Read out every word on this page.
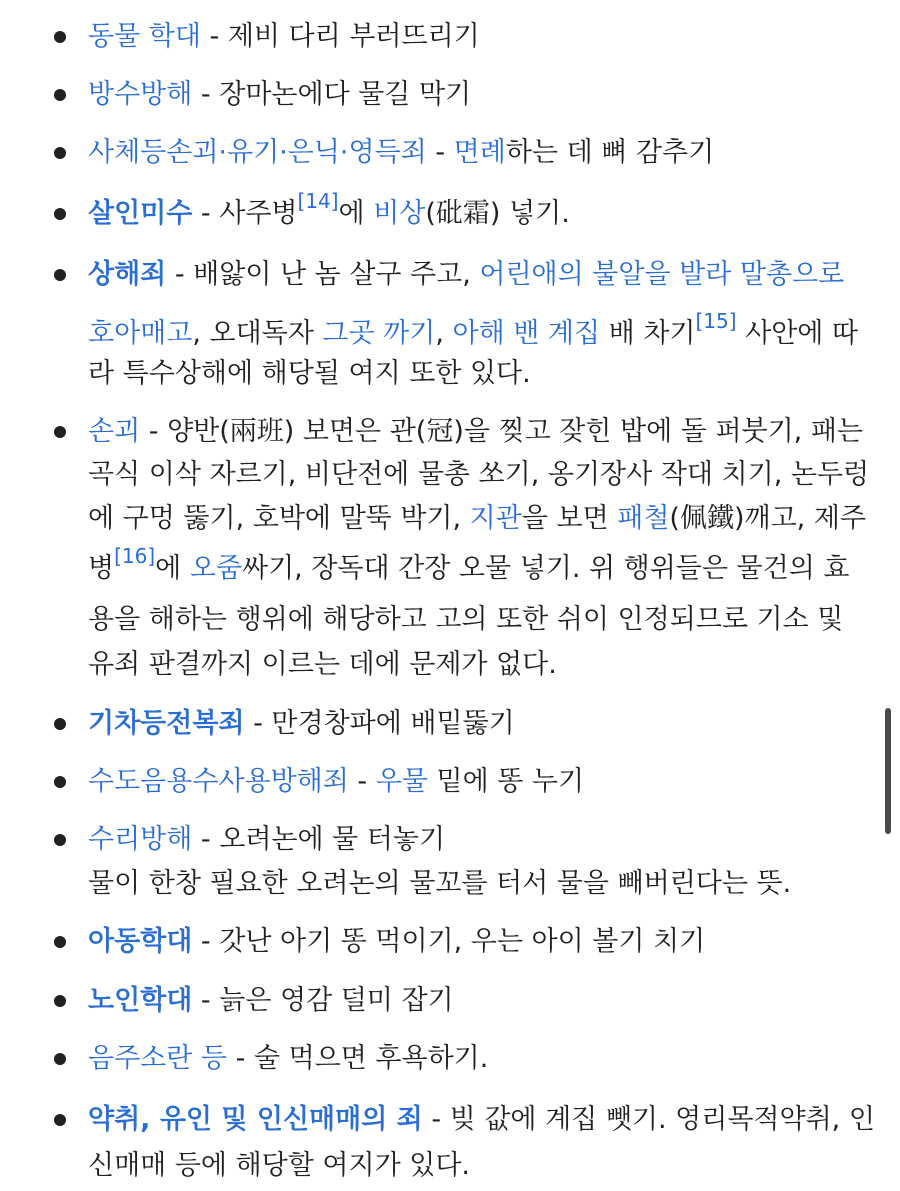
동물 학대 - 제비 다리 부러뜨리기
방수방해 - 장마논에다 물길 막기
사체등손괴·유기·은닉·영득죄 - 면례하는 데 뼈 감추기
살인미수 - 사주병[14]에 비상(砒霜) 넣기.
상해죄 - 배앓이 난 놈 살구 주고, 어린애의 불알을 발라 말총으로
호아매고, 오대독자 그곳 까기, 아해 밴 계집 배 차기[15] 사안에 따
라 특수상해에 해당될 여지 또한 있다.
손괴 - 양반(兩班) 보면은 관(冠)을 찢고 잦힌 밥에 돌 퍼붓기, 패는
곡식 이삭 자르기, 비단전에 물총 쏘기, 옹기장사 작대 치기, 논두렁
에 구멍 뚫기, 호박에 말뚝 박기, 지관을 보면 패철(佩鐵)깨고, 제주
병[16]에 오줌싸기, 장독대 간장 오물 넣기. 위 행위들은 물건의 효
용을 해하는 행위에 해당하고 고의 또한 쉬이 인정되므로 기소 및
유죄 판결까지 이르는 데에 문제가 없다.
기차등전복죄 - 만경창파에 배밑뚫기
수도음용수사용방해죄 - 우물 밑에 똥 누기
수리방해 - 오려논에 물 터놓기
물이 한창 필요한 오려논의 물꼬를 터서 물을 빼버린다는 뜻.
아동학대 - 갓난 아기 똥 먹이기, 우는 아이 볼기 치기
노인학대 - 늙은 영감 덜미 잡기
음주소란 등 - 술 먹으면 후욕하기.
약취, 유인 및 인신매매의 죄 - 빚 값에 계집 뺏기. 영리목적약취, 인
신매매 등에 해당할 여지가 있다.
